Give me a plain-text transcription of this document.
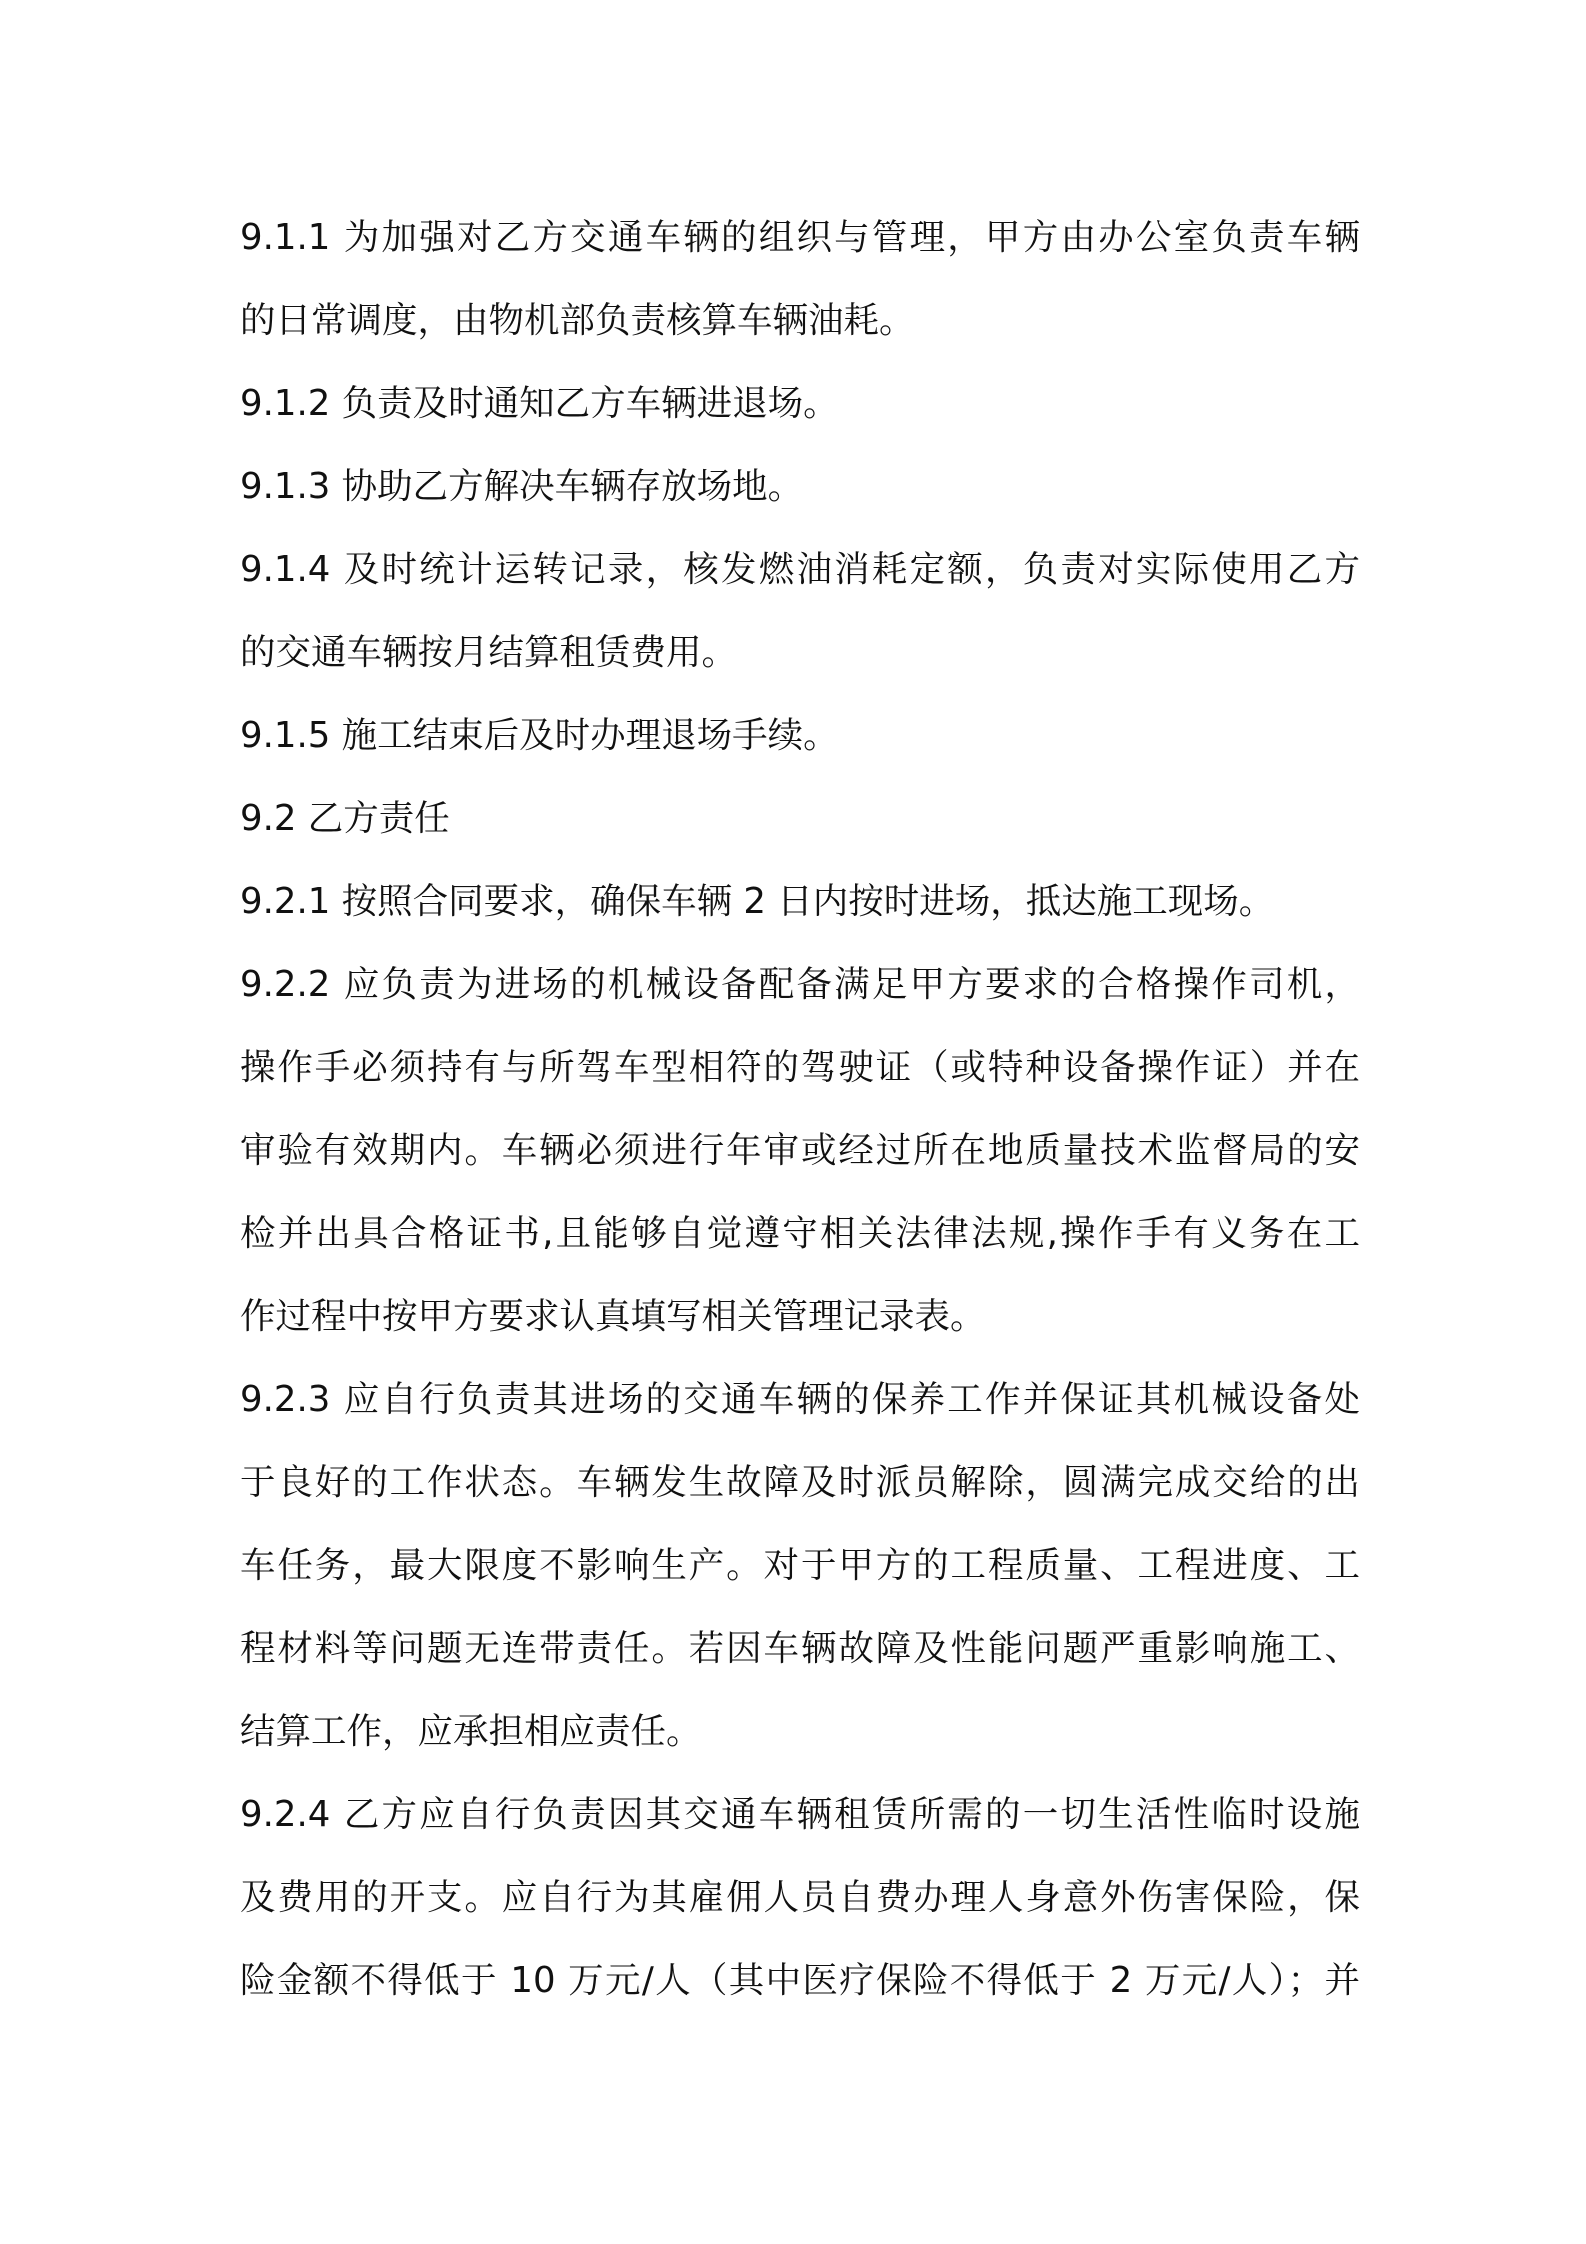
9.1.1 为加强对乙方交通车辆的组织与管理，甲方由办公室负责车辆
的日常调度，由物机部负责核算车辆油耗。
9.1.2 负责及时通知乙方车辆进退场。
9.1.3 协助乙方解决车辆存放场地。
9.1.4 及时统计运转记录，核发燃油消耗定额，负责对实际使用乙方
的交通车辆按月结算租赁费用。
9.1.5 施工结束后及时办理退场手续。
9.2 乙方责任
9.2.1 按照合同要求，确保车辆 2 日内按时进场，抵达施工现场。
9.2.2 应负责为进场的机械设备配备满足甲方要求的合格操作司机，
操作手必须持有与所驾车型相符的驾驶证（或特种设备操作证）并在
审验有效期内。车辆必须进行年审或经过所在地质量技术监督局的安
检并出具合格证书,且能够自觉遵守相关法律法规,操作手有义务在工
作过程中按甲方要求认真填写相关管理记录表。
9.2.3 应自行负责其进场的交通车辆的保养工作并保证其机械设备处
于良好的工作状态。车辆发生故障及时派员解除，圆满完成交给的出
车任务，最大限度不影响生产。对于甲方的工程质量、工程进度、工
程材料等问题无连带责任。若因车辆故障及性能问题严重影响施工、
结算工作，应承担相应责任。
9.2.4 乙方应自行负责因其交通车辆租赁所需的一切生活性临时设施
及费用的开支。应自行为其雇佣人员自费办理人身意外伤害保险，保
险金额不得低于 10 万元/人（其中医疗保险不得低于 2 万元/人）；并
